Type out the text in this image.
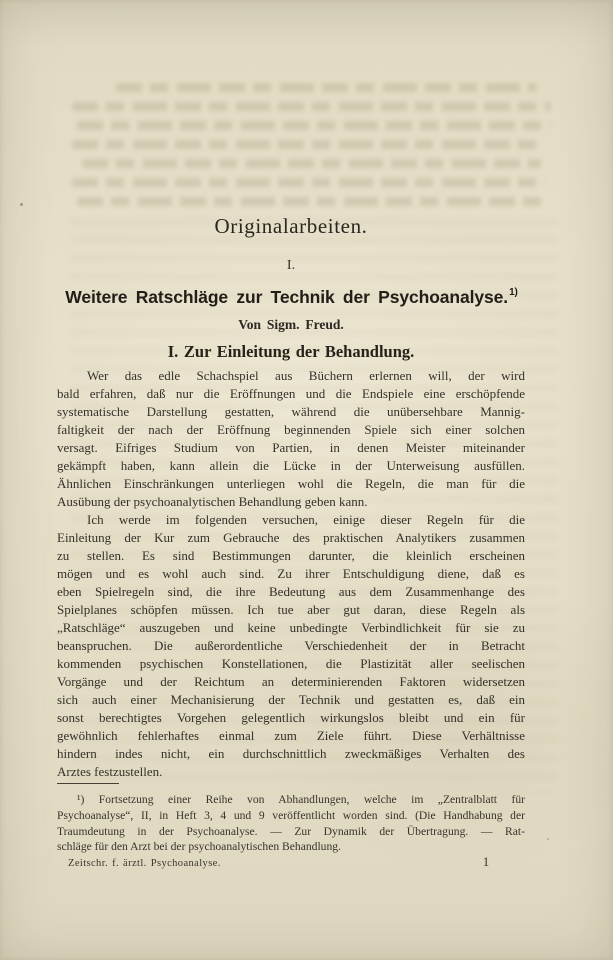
Originalarbeiten.
I.
Weitere Ratschläge zur Technik der Psychoanalyse.$^{1)}$
Von Sigm. Freud.
I. Zur Einleitung der Behandlung.
Wer das edle Schachspiel aus Büchern erlernen will, der wird
bald erfahren, daß nur die Eröffnungen und die Endspiele eine erschöpfende
systematische Darstellung gestatten, während die unübersehbare Mannig-
faltigkeit der nach der Eröffnung beginnenden Spiele sich einer solchen
versagt. Eifriges Studium von Partien, in denen Meister miteinander
gekämpft haben, kann allein die Lücke in der Unterweisung ausfüllen.
Ähnlichen Einschränkungen unterliegen wohl die Regeln, die man für die
Ausübung der psychoanalytischen Behandlung geben kann.
Ich werde im folgenden versuchen, einige dieser Regeln für die
Einleitung der Kur zum Gebrauche des praktischen Analytikers zusammen
zu stellen. Es sind Bestimmungen darunter, die kleinlich erscheinen
mögen und es wohl auch sind. Zu ihrer Entschuldigung diene, daß es
eben Spielregeln sind, die ihre Bedeutung aus dem Zusammenhange des
Spielplanes schöpfen müssen. Ich tue aber gut daran, diese Regeln als
„Ratschläge“ auszugeben und keine unbedingte Verbindlichkeit für sie zu
beanspruchen. Die außerordentliche Verschiedenheit der in Betracht
kommenden psychischen Konstellationen, die Plastizität aller seelischen
Vorgänge und der Reichtum an determinierenden Faktoren widersetzen
sich auch einer Mechanisierung der Technik und gestatten es, daß ein
sonst berechtigtes Vorgehen gelegentlich wirkungslos bleibt und ein für
gewöhnlich fehlerhaftes einmal zum Ziele führt. Diese Verhältnisse
hindern indes nicht, ein durchschnittlich zweckmäßiges Verhalten des
Arztes festzustellen.
¹) Fortsetzung einer Reihe von Abhandlungen, welche im „Zentralblatt für
Psychoanalyse“, II, in Heft 3, 4 und 9 veröffentlicht worden sind. (Die Handhabung der
Traumdeutung in der Psychoanalyse. — Zur Dynamik der Übertragung. — Rat-
schläge für den Arzt bei der psychoanalytischen Behandlung.
Zeitschr. f. ärztl. Psychoanalyse.	1
